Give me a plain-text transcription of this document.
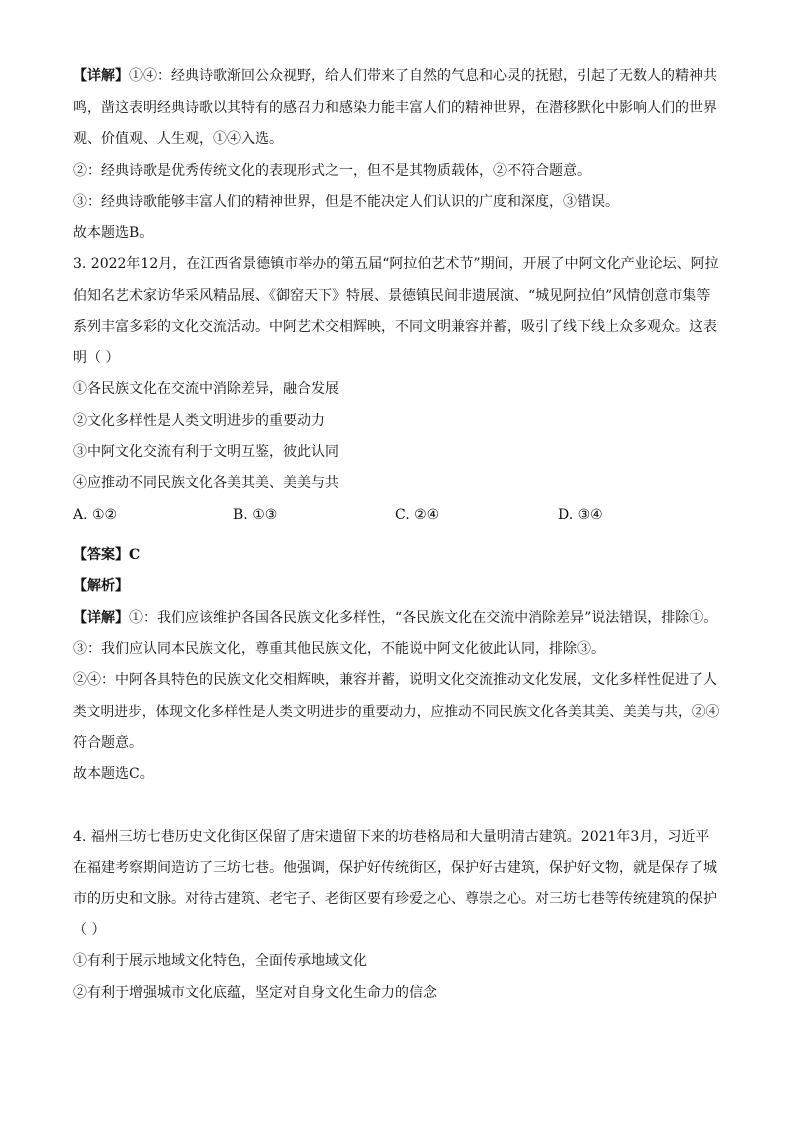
【详解】①④：经典诗歌渐回公众视野，给人们带来了自然的气息和心灵的抚慰，引起了无数人的精神共
鸣，凿这表明经典诗歌以其特有的感召力和感染力能丰富人们的精神世界，在潜移默化中影响人们的世界
观、价值观、人生观，①④入选。
②：经典诗歌是优秀传统文化的表现形式之一，但不是其物质载体，②不符合题意。
③：经典诗歌能够丰富人们的精神世界，但是不能决定人们认识的广度和深度，③错误。
故本题选B。
3. 2022年12月，在江西省景德镇市举办的第五届“阿拉伯艺术节”期间，开展了中阿文化产业论坛、阿拉
伯知名艺术家访华采风精品展、《御窑天下》特展、景德镇民间非遗展演、“城见阿拉伯”风情创意市集等
系列丰富多彩的文化交流活动。中阿艺术交相辉映，不同文明兼容并蓄，吸引了线下线上众多观众。这表
明（ ）
①各民族文化在交流中消除差异，融合发展
②文化多样性是人类文明进步的重要动力
③中阿文化交流有利于文明互鉴，彼此认同
④应推动不同民族文化各美其美、美美与共
A. ①②	B. ①③	C. ②④	D. ③④
【答案】C
【解析】
【详解】①：我们应该维护各国各民族文化多样性，“各民族文化在交流中消除差异”说法错误，排除①。
③：我们应认同本民族文化，尊重其他民族文化，不能说中阿文化彼此认同，排除③。
②④：中阿各具特色的民族文化交相辉映，兼容并蓄，说明文化交流推动文化发展，文化多样性促进了人
类文明进步，体现文化多样性是人类文明进步的重要动力，应推动不同民族文化各美其美、美美与共，②④
符合题意。
故本题选C。
4. 福州三坊七巷历史文化街区保留了唐宋遗留下来的坊巷格局和大量明清古建筑。2021年3月，习近平
在福建考察期间造访了三坊七巷。他强调，保护好传统街区，保护好古建筑，保护好文物，就是保存了城
市的历史和文脉。对待古建筑、老宅子、老街区要有珍爱之心、尊崇之心。对三坊七巷等传统建筑的保护
（ ）
①有利于展示地域文化特色，全面传承地域文化
②有利于增强城市文化底蕴，坚定对自身文化生命力的信念
